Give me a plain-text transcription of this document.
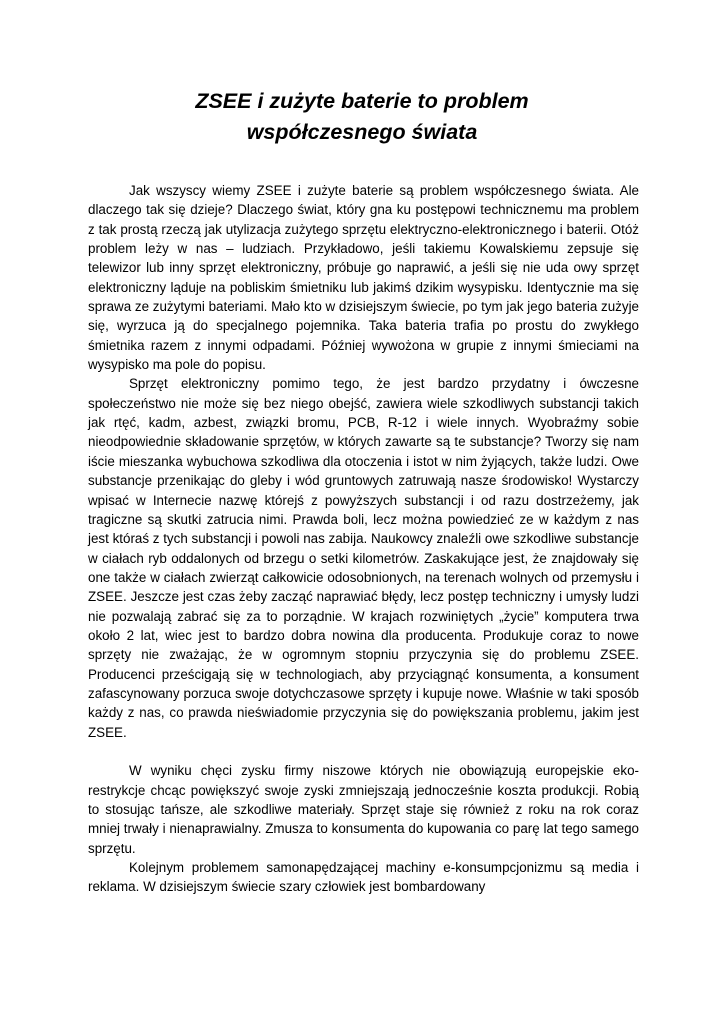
ZSEE i zużyte baterie to problem
współczesnego świata

Jak wszyscy wiemy ZSEE i zużyte baterie są problem współczesnego świata. Ale dlaczego tak się dzieje? Dlaczego świat, który gna ku postępowi technicznemu ma problem z tak prostą rzeczą jak utylizacja zużytego sprzętu elektryczno-elektronicznego i baterii. Otóż problem leży w nas – ludziach. Przykładowo, jeśli takiemu Kowalskiemu zepsuje się telewizor lub inny sprzęt elektroniczny, próbuje go naprawić, a jeśli się nie uda owy sprzęt elektroniczny ląduje na pobliskim śmietniku lub jakimś dzikim wysypisku. Identycznie ma się sprawa ze zużytymi bateriami. Mało kto w dzisiejszym świecie, po tym jak jego bateria zużyje się, wyrzuca ją do specjalnego pojemnika. Taka bateria trafia po prostu do zwykłego śmietnika razem z innymi odpadami. Później wywożona w grupie z innymi śmieciami na wysypisko ma pole do popisu.

Sprzęt elektroniczny pomimo tego, że jest bardzo przydatny i ówczesne społeczeństwo nie może się bez niego obejść, zawiera wiele szkodliwych substancji takich jak rtęć, kadm, azbest, związki bromu, PCB, R-12 i wiele innych. Wyobraźmy sobie nieodpowiednie składowanie sprzętów, w których zawarte są te substancje? Tworzy się nam iście mieszanka wybuchowa szkodliwa dla otoczenia i istot w nim żyjących, także ludzi. Owe substancje przenikając do gleby i wód gruntowych zatruwają nasze środowisko! Wystarczy wpisać w Internecie nazwę którejś z powyższych substancji i od razu dostrzeżemy, jak tragiczne są skutki zatrucia nimi. Prawda boli, lecz można powiedzieć ze w każdym z nas jest któraś z tych substancji i powoli nas zabija. Naukowcy znaleźli owe szkodliwe substancje w ciałach ryb oddalonych od brzegu o setki kilometrów. Zaskakujące jest, że znajdowały się one także w ciałach zwierząt całkowicie odosobnionych, na terenach wolnych od przemysłu i ZSEE. Jeszcze jest czas żeby zacząć naprawiać błędy, lecz postęp techniczny i umysły ludzi nie pozwalają zabrać się za to porządnie. W krajach rozwiniętych „życie” komputera trwa około 2 lat, wiec jest to bardzo dobra nowina dla producenta. Produkuje coraz to nowe sprzęty nie zważając, że w ogromnym stopniu przyczynia się do problemu ZSEE. Producenci prześcigają się w technologiach, aby przyciągnąć konsumenta, a konsument zafascynowany porzuca swoje dotychczasowe sprzęty i kupuje nowe. Właśnie w taki sposób każdy z nas, co prawda nieświadomie przyczynia się do powiększania problemu, jakim jest ZSEE.

W wyniku chęci zysku firmy niszowe których nie obowiązują europejskie eko-restrykcje chcąc powiększyć swoje zyski zmniejszają jednocześnie koszta produkcji. Robią to stosując tańsze, ale szkodliwe materiały. Sprzęt staje się również z roku na rok coraz mniej trwały i nienaprawialny. Zmusza to konsumenta do kupowania co parę lat tego samego sprzętu.

Kolejnym problemem samonapędzającej machiny e-konsumpcjonizmu są media i reklama. W dzisiejszym świecie szary człowiek jest bombardowany
